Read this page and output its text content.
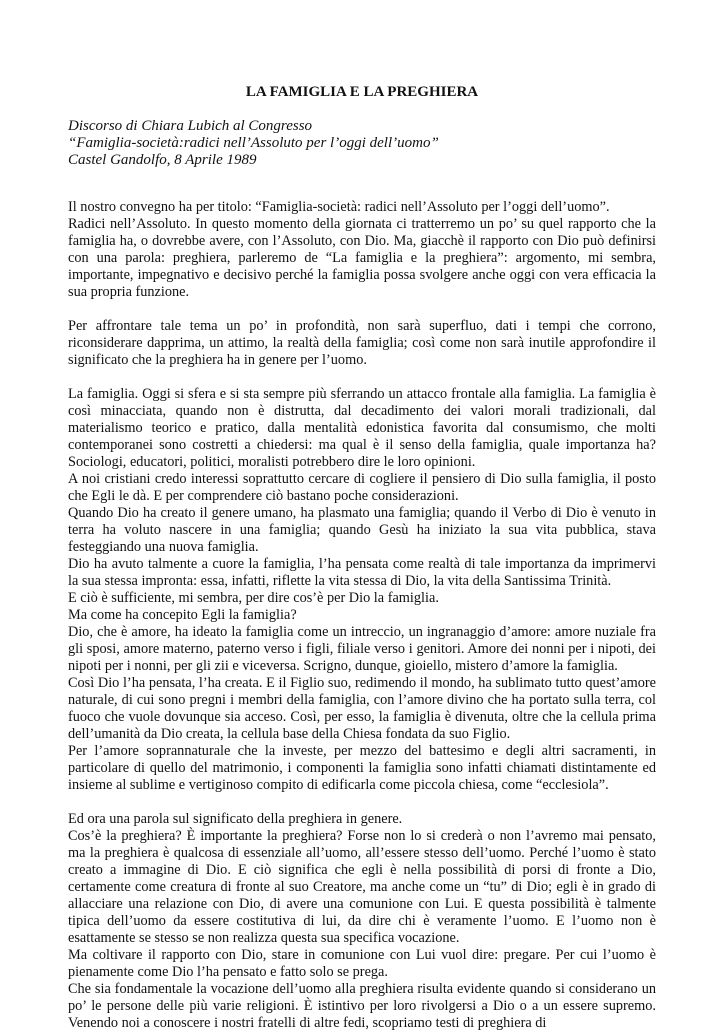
LA FAMIGLIA E LA PREGHIERA
Discorso di Chiara Lubich al Congresso
“Famiglia-società:radici nell’Assoluto per l’oggi dell’uomo”
Castel Gandolfo, 8 Aprile 1989

Il nostro convegno ha per titolo: “Famiglia-società: radici nell’Assoluto per l’oggi dell’uomo”.

Radici nell’Assoluto. In questo momento della giornata ci tratterremo un po’ su quel rapporto che la famiglia ha, o dovrebbe avere, con l’Assoluto, con Dio. Ma, giacchè il rapporto con Dio può definirsi con una parola: preghiera, parleremo de “La famiglia e la preghiera”: argomento, mi sembra, importante, impegnativo e decisivo perché la famiglia possa svolgere anche oggi con vera efficacia la sua propria funzione.

Per affrontare tale tema un po’ in profondità, non sarà superfluo, dati i tempi che corrono, riconsiderare dapprima, un attimo, la realtà della famiglia; così come non sarà inutile approfondire il significato che la preghiera ha in genere per l’uomo.

La famiglia. Oggi si sfera e si sta sempre più sferrando un attacco frontale alla famiglia. La famiglia è così minacciata, quando non è distrutta, dal decadimento dei valori morali tradizionali, dal materialismo teorico e pratico, dalla mentalità edonistica favorita dal consumismo, che molti contemporanei sono costretti a chiedersi: ma qual è il senso della famiglia, quale importanza ha? Sociologi, educatori, politici, moralisti potrebbero dire le loro opinioni.

A noi cristiani credo interessi soprattutto cercare di cogliere il pensiero di Dio sulla famiglia, il posto che Egli le dà. E per comprendere ciò bastano poche considerazioni.

Quando Dio ha creato il genere umano, ha plasmato una famiglia; quando il Verbo di Dio è venuto in terra ha voluto nascere in una famiglia; quando Gesù ha iniziato la sua vita pubblica, stava festeggiando una nuova famiglia.

Dio ha avuto talmente a cuore la famiglia, l’ha pensata come realtà di tale importanza da imprimervi la sua stessa impronta: essa, infatti, riflette la vita stessa di Dio, la vita della Santissima Trinità.

E ciò è sufficiente, mi sembra, per dire cos’è per Dio la famiglia.

Ma come ha concepito Egli la famiglia?

Dio, che è amore, ha ideato la famiglia come un intreccio, un ingranaggio d’amore: amore nuziale fra gli sposi, amore materno, paterno verso i figli, filiale verso i genitori. Amore dei nonni per i nipoti, dei nipoti per i nonni, per gli zii e viceversa. Scrigno, dunque, gioiello, mistero d’amore la famiglia.

Così Dio l’ha pensata, l’ha creata. E il Figlio suo, redimendo il mondo, ha sublimato tutto quest’amore naturale, di cui sono pregni i membri della famiglia, con l’amore divino che ha portato sulla terra, col fuoco che vuole dovunque sia acceso. Così, per esso, la famiglia è divenuta, oltre che la cellula prima dell’umanità da Dio creata, la cellula base della Chiesa fondata da suo Figlio.

Per l’amore soprannaturale che la investe, per mezzo del battesimo e degli altri sacramenti, in particolare di quello del matrimonio, i componenti la famiglia sono infatti chiamati distintamente ed insieme al sublime e vertiginoso compito di edificarla come piccola chiesa, come “ecclesiola”.

Ed ora una parola sul significato della preghiera in genere.

Cos’è la preghiera? È importante la preghiera? Forse non lo si crederà o non l’avremo mai pensato, ma la preghiera è qualcosa di essenziale all’uomo, all’essere stesso dell’uomo. Perché l’uomo è stato creato a immagine di Dio. E ciò significa che egli è nella possibilità di porsi di fronte a Dio, certamente come creatura di fronte al suo Creatore, ma anche come un “tu” di Dio; egli è in grado di allacciare una relazione con Dio, di avere una comunione con Lui. E questa possibilità è talmente tipica dell’uomo da essere costitutiva di lui, da dire chi è veramente l’uomo. E l’uomo non è esattamente se stesso se non realizza questa sua specifica vocazione.

Ma coltivare il rapporto con Dio, stare in comunione con Lui vuol dire: pregare. Per cui l’uomo è pienamente come Dio l’ha pensato e fatto solo se prega.

Che sia fondamentale la vocazione dell’uomo alla preghiera risulta evidente quando si considerano un po’ le persone delle più varie religioni. È istintivo per loro rivolgersi a Dio o a un essere supremo. Venendo noi a conoscere i nostri fratelli di altre fedi, scopriamo testi di preghiera di
